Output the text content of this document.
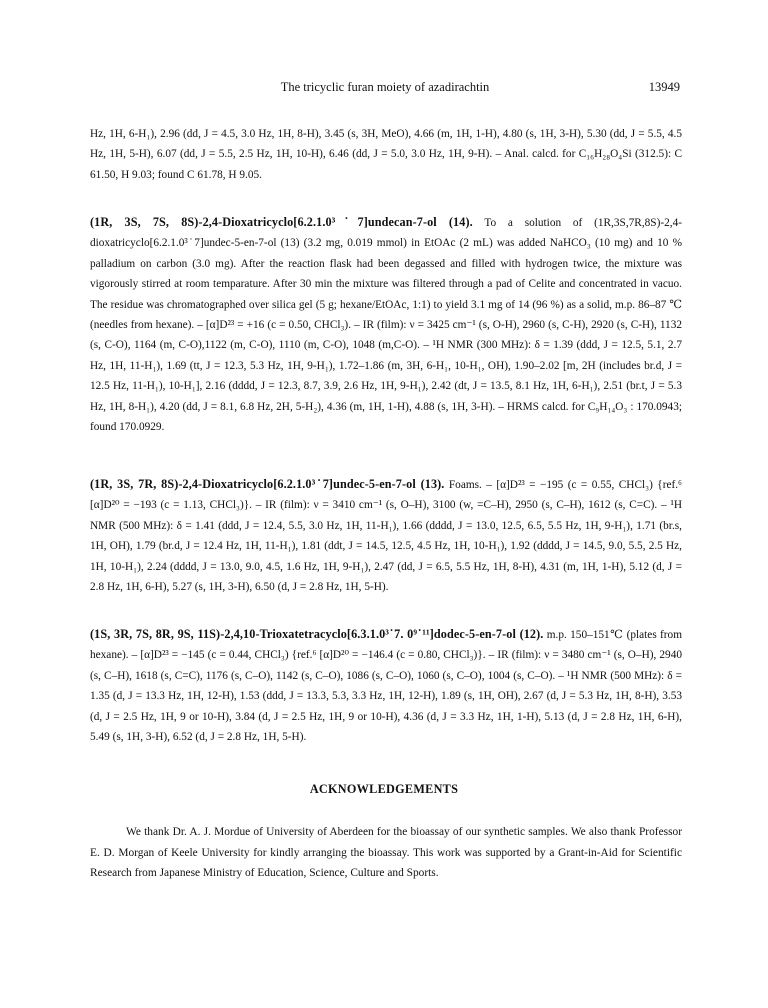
The tricyclic furan moiety of azadirachtin	13949

Hz, 1H, 6-H₁), 2.96 (dd, J = 4.5, 3.0 Hz, 1H, 8-H), 3.45 (s, 3H, MeO), 4.66 (m, 1H, 1-H), 4.80 (s, 1H, 3-H), 5.30 (dd, J = 5.5, 4.5 Hz, 1H, 5-H), 6.07 (dd, J = 5.5, 2.5 Hz, 1H, 10-H), 6.46 (dd, J = 5.0, 3.0 Hz, 1H, 9-H). – Anal. calcd. for C₁₆H₂₈O₄Si (312.5): C 61.50, H 9.03; found C 61.78, H 9.05.

(1R, 3S, 7S, 8S)-2,4-Dioxatricyclo[6.2.1.0³˙7]undecan-7-ol (14). To a solution of (1R,3S,7R,8S)-2,4-dioxatricyclo[6.2.1.0³˙7]undec-5-en-7-ol (13) (3.2 mg, 0.019 mmol) in EtOAc (2 mL) was added NaHCO₃ (10 mg) and 10 % palladium on carbon (3.0 mg). After the reaction flask had been degassed and filled with hydrogen twice, the mixture was vigorously stirred at room temparature. After 30 min the mixture was filtered through a pad of Celite and concentrated in vacuo. The residue was chromatographed over silica gel (5 g; hexane/EtOAc, 1:1) to yield 3.1 mg of 14 (96 %) as a solid, m.p. 86–87 ℃ (needles from hexane). – [α]D²³ = +16 (c = 0.50, CHCl₃). – IR (film): ν = 3425 cm⁻¹ (s, O-H), 2960 (s, C-H), 2920 (s, C-H), 1132 (s, C-O), 1164 (m, C-O),1122 (m, C-O), 1110 (m, C-O), 1048 (m,C-O). – ¹H NMR (300 MHz): δ = 1.39 (ddd, J = 12.5, 5.1, 2.7 Hz, 1H, 11-H₁), 1.69 (tt, J = 12.3, 5.3 Hz, 1H, 9-H₁), 1.72–1.86 (m, 3H, 6-H₁, 10-H₁, OH), 1.90–2.02 [m, 2H (includes br.d, J = 12.5 Hz, 11-H₁), 10-H₁], 2.16 (dddd, J = 12.3, 8.7, 3.9, 2.6 Hz, 1H, 9-H₁), 2.42 (dt, J = 13.5, 8.1 Hz, 1H, 6-H₁), 2.51 (br.t, J = 5.3 Hz, 1H, 8-H₁), 4.20 (dd, J = 8.1, 6.8 Hz, 2H, 5-H₂), 4.36 (m, 1H, 1-H), 4.88 (s, 1H, 3-H). – HRMS calcd. for C₉H₁₄O₃ : 170.0943; found 170.0929.

(1R, 3S, 7R, 8S)-2,4-Dioxatricyclo[6.2.1.0³˙7]undec-5-en-7-ol (13). Foams. – [α]D²³ = −195 (c = 0.55, CHCl₃) {ref.⁶ [α]D²⁰ = −193 (c = 1.13, CHCl₃)}. – IR (film): ν = 3410 cm⁻¹ (s, O–H), 3100 (w, =C–H), 2950 (s, C–H), 1612 (s, C=C). – ¹H NMR (500 MHz): δ = 1.41 (ddd, J = 12.4, 5.5, 3.0 Hz, 1H, 11-H₁), 1.66 (dddd, J = 13.0, 12.5, 6.5, 5.5 Hz, 1H, 9-H₁), 1.71 (br.s, 1H, OH), 1.79 (br.d, J = 12.4 Hz, 1H, 11-H₁), 1.81 (ddt, J = 14.5, 12.5, 4.5 Hz, 1H, 10-H₁), 1.92 (dddd, J = 14.5, 9.0, 5.5, 2.5 Hz, 1H, 10-H₁), 2.24 (dddd, J = 13.0, 9.0, 4.5, 1.6 Hz, 1H, 9-H₁), 2.47 (dd, J = 6.5, 5.5 Hz, 1H, 8-H), 4.31 (m, 1H, 1-H), 5.12 (d, J = 2.8 Hz, 1H, 6-H), 5.27 (s, 1H, 3-H), 6.50 (d, J = 2.8 Hz, 1H, 5-H).

(1S, 3R, 7S, 8R, 9S, 11S)-2,4,10-Trioxatetracyclo[6.3.1.0³˙7. 0⁹˙¹¹]dodec-5-en-7-ol (12). m.p. 150–151℃ (plates from hexane). – [α]D²³ = −145 (c = 0.44, CHCl₃) {ref.⁶ [α]D²⁰ = −146.4 (c = 0.80, CHCl₃)}. – IR (film): ν = 3480 cm⁻¹ (s, O–H), 2940 (s, C–H), 1618 (s, C=C), 1176 (s, C–O), 1142 (s, C–O), 1086 (s, C–O), 1060 (s, C–O), 1004 (s, C–O). – ¹H NMR (500 MHz): δ = 1.35 (d, J = 13.3 Hz, 1H, 12-H), 1.53 (ddd, J = 13.3, 5.3, 3.3 Hz, 1H, 12-H), 1.89 (s, 1H, OH), 2.67 (d, J = 5.3 Hz, 1H, 8-H), 3.53 (d, J = 2.5 Hz, 1H, 9 or 10-H), 3.84 (d, J = 2.5 Hz, 1H, 9 or 10-H), 4.36 (d, J = 3.3 Hz, 1H, 1-H), 5.13 (d, J = 2.8 Hz, 1H, 6-H), 5.49 (s, 1H, 3-H), 6.52 (d, J = 2.8 Hz, 1H, 5-H).

ACKNOWLEDGEMENTS

We thank Dr. A. J. Mordue of University of Aberdeen for the bioassay of our synthetic samples. We also thank Professor E. D. Morgan of Keele University for kindly arranging the bioassay. This work was supported by a Grant-in-Aid for Scientific Research from Japanese Ministry of Education, Science, Culture and Sports.
